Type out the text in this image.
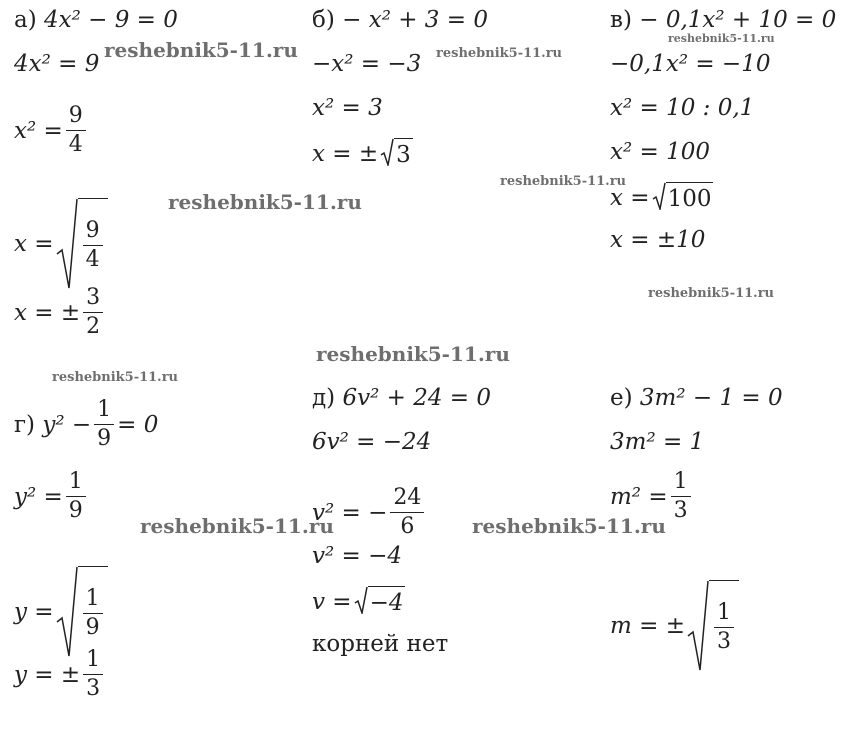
а)
4x² − 9 = 0
4x² = 9
$x^2 = \frac{9}{4}$
$x = \frac{9}{4}$
x = ± $\frac{3}{2}$
б)
− x² + 3 = 0
−x² = −3
x² = 3
x = ± 3
в)
− 0,1x² + 10 = 0
−0,1x² = −10
x² = 10 : 0,1
x² = 100
x = 100
x = ±10
г)
$y^2 - \frac{1}{9} = 0$
$y^2 = \frac{1}{9}$
$y = \frac{1}{9}$
y = ± $\frac{1}{3}$
д)
6v² + 24 = 0
6v² = −24
v² = − $\frac{24}{6}$
v² = −4
v = −4
корней нет
е)
3m² − 1 = 0
3m² = 1
$m^2 = \frac{1}{3}$
m = ± $\frac{1}{3}$
reshebnik5-11.ru	reshebnik5-11.ru
reshebnik5-11.ru
reshebnik5-11.ru
reshebnik5-11.ru
reshebnik5-11.ru
reshebnik5-11.ru
reshebnik5-11.ru
reshebnik5-11.ru	reshebnik5-11.ru
